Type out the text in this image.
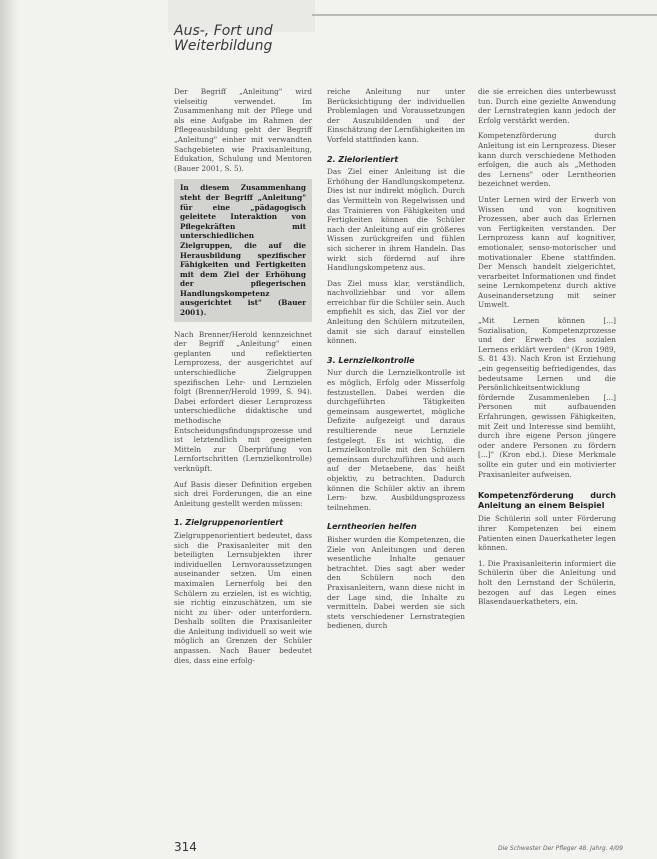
Aus-, Fort und Weiterbildung

Der Begriff „Anleitung" wird vielseitig verwendet. Im Zusammenhang mit der Pflege und als eine Aufgabe im Rahmen der Pflegeausbildung geht der Begriff „Anleitung" einher mit verwandten Sachgebieten wie Praxisanleitung, Edukation, Schulung und Mentoren (Bauer 2001, S. 5).

In diesem Zusammenhang steht der Begriff „Anleitung" für eine „pädagogisch geleitete Interaktion von Pflegekräften mit unterschiedlichen Zielgruppen, die auf die Herausbildung spezifischer Fähigkeiten und Fertigkeiten mit dem Ziel der Erhöhung der pflegerischen Handlungskompetenz ausgerichtet ist" (Bauer 2001).

Nach Brenner/Herold kennzeichnet der Begriff „Anleitung" einen geplanten und reflektierten Lernprozess, der ausgerichtet auf unterschiedliche Zielgruppen spezifischen Lehr- und Lernzielen folgt (Brenner/Herold 1999, S. 94). Dabei erfordert dieser Lernprozess unterschiedliche didaktische und methodische Entscheidungsfindungsprozesse und ist letztendlich mit geeigneten Mitteln zur Überprüfung von Lernfortschritten (Lernzielkontrolle) verknüpft.

Auf Basis dieser Definition ergeben sich drei Forderungen, die an eine Anleitung gestellt werden müssen:

1. Zielgruppenorientiert

Zielgruppenorientiert bedeutet, dass sich die Praxisanleiter mit den beteiligten Lernsubjekten ihrer individuellen Lernvoraussetzungen auseinander setzen. Um einen maximalen Lernerfolg bei den Schülern zu erzielen, ist es wichtig, sie richtig einzuschätzen, um sie nicht zu über- oder unterfordern. Deshalb sollten die Praxisanleiter die Anleitung individuell so weit wie möglich an Grenzen der Schüler anpassen. Nach Bauer bedeutet dies, dass eine erfolg-

reiche Anleitung nur unter Berücksichtigung der individuellen Problemlagen und Voraussetzungen der Auszubildenden und der Einschätzung der Lernfähigkeiten im Vorfeld stattfinden kann.

2. Zielorientiert

Das Ziel einer Anleitung ist die Erhöhung der Handlungskompetenz. Dies ist nur indirekt möglich. Durch das Vermitteln von Regelwissen und das Trainieren von Fähigkeiten und Fertigkeiten können die Schüler nach der Anleitung auf ein größeres Wissen zurückgreifen und fühlen sich sicherer in ihrem Handeln. Das wirkt sich fördernd auf ihre Handlungskompetenz aus.

Das Ziel muss klar, verständlich, nachvollziehbar und vor allem erreichbar für die Schüler sein. Auch empfiehlt es sich, das Ziel vor der Anleitung den Schülern mitzuteilen, damit sie sich darauf einstellen können.

3. Lernzielkontrolle

Nur durch die Lernzielkontrolle ist es möglich, Erfolg oder Misserfolg festzustellen. Dabei werden die durchgeführten Tätigkeiten gemeinsam ausgewertet, mögliche Defizite aufgezeigt und daraus resultierende neue Lernziele festgelegt. Es ist wichtig, die Lernzielkontrolle mit den Schülern gemeinsam durchzuführen und auch auf der Metaebene, das heißt objektiv, zu betrachten. Dadurch können die Schüler aktiv an ihrem Lern- bzw. Ausbildungsprozess teilnehmen.

Lerntheorien helfen

Bisher wurden die Kompetenzen, die Ziele von Anleitungen und deren wesentliche Inhalte genauer betrachtet. Dies sagt aber weder den Schülern noch den Praxisanleitern, wann diese nicht in der Lage sind, die Inhalte zu vermitteln. Dabei werden sie sich stets verschiedener Lernstrategien bedienen, durch

die sie erreichen dies unterbewusst tun. Durch eine gezielte Anwendung der Lernstrategien kann jedoch der Erfolg verstärkt werden.

Kompetenzförderung durch Anleitung ist ein Lernprozess. Dieser kann durch verschiedene Methoden erfolgen, die auch als „Methoden des Lernens" oder Lerntheorien bezeichnet werden.

Unter Lernen wird der Erwerb von Wissen und von kognitiven Prozessen, aber auch das Erlernen von Fertigkeiten verstanden. Der Lernprozess kann auf kognitiver, emotionaler, senso-motorischer und motivationaler Ebene stattfinden. Der Mensch handelt zielgerichtet, verarbeitet Informationen und findet seine Lernkompetenz durch aktive Auseinandersetzung mit seiner Umwelt.

„Mit Lernen können [...] Sozialisation, Kompetenzprozesse und der Erwerb des sozialen Lernens erklärt werden" (Kron 1989, S. 81 43). Nach Kron ist Erziehung „ein gegenseitig befriedigendes, das bedeutsame Lernen und die Persönlichkeitsentwicklung fördernde Zusammenleben [...] Personen mit aufbauenden Erfahrungen, gewissen Fähigkeiten, mit Zeit und Interesse sind bemüht, durch ihre eigene Person jüngere oder andere Personen zu fördern [...]" (Kron ebd.). Diese Merkmale sollte ein guter und ein motivierter Praxisanleiter aufweisen.

Kompetenzförderung durch Anleitung an einem Beispiel

Die Schülerin soll unter Förderung ihrer Kompetenzen bei einem Patienten einen Dauerkatheter legen können.

1. Die Praxisanleiterin informiert die Schülerin über die Anleitung und holt den Lernstand der Schülerin, bezogen auf das Legen eines Blasendauerkatheters, ein.

314	Die Schwester Der Pfleger 48. Jahrg. 4/09
